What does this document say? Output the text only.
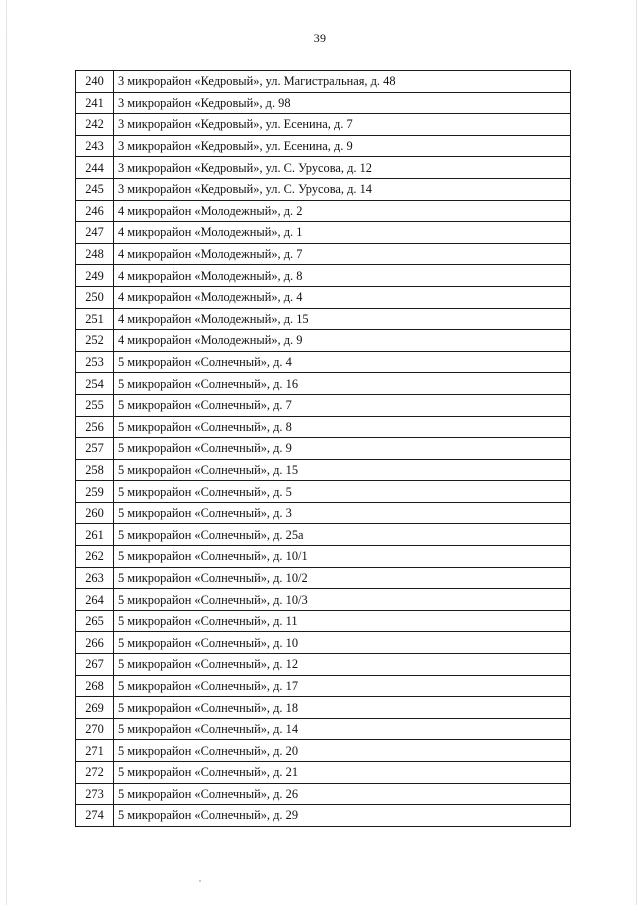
39
240	3 микрорайон «Кедровый», ул. Магистральная, д. 48
241	3 микрорайон «Кедровый», д. 98
242	3 микрорайон «Кедровый», ул. Есенина, д. 7
243	3 микрорайон «Кедровый», ул. Есенина, д. 9
244	3 микрорайон «Кедровый», ул. С. Урусова, д. 12
245	3 микрорайон «Кедровый», ул. С. Урусова, д. 14
246	4 микрорайон «Молодежный», д. 2
247	4 микрорайон «Молодежный», д. 1
248	4 микрорайон «Молодежный», д. 7
249	4 микрорайон «Молодежный», д. 8
250	4 микрорайон «Молодежный», д. 4
251	4 микрорайон «Молодежный», д. 15
252	4 микрорайон «Молодежный», д. 9
253	5 микрорайон «Солнечный», д. 4
254	5 микрорайон «Солнечный», д. 16
255	5 микрорайон «Солнечный», д. 7
256	5 микрорайон «Солнечный», д. 8
257	5 микрорайон «Солнечный», д. 9
258	5 микрорайон «Солнечный», д. 15
259	5 микрорайон «Солнечный», д. 5
260	5 микрорайон «Солнечный», д. 3
261	5 микрорайон «Солнечный», д. 25а
262	5 микрорайон «Солнечный», д. 10/1
263	5 микрорайон «Солнечный», д. 10/2
264	5 микрорайон «Солнечный», д. 10/3
265	5 микрорайон «Солнечный», д. 11
266	5 микрорайон «Солнечный», д. 10
267	5 микрорайон «Солнечный», д. 12
268	5 микрорайон «Солнечный», д. 17
269	5 микрорайон «Солнечный», д. 18
270	5 микрорайон «Солнечный», д. 14
271	5 микрорайон «Солнечный», д. 20
272	5 микрорайон «Солнечный», д. 21
273	5 микрорайон «Солнечный», д. 26
274	5 микрорайон «Солнечный», д. 29
